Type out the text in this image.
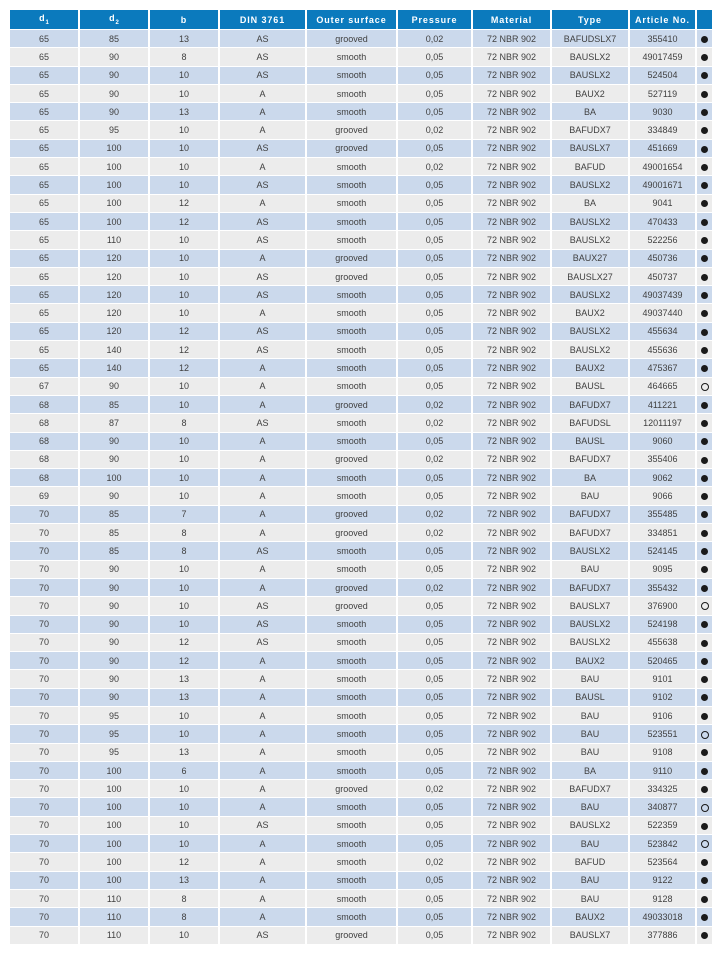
$d_1$	$d_2$	b	DIN 3761	Outer surface	Pressure	Material	Type	Article No.	
65	85	13	AS	grooved	0,02	72 NBR 902	BAFUDSLX7	355410	
65	90	8	AS	smooth	0,05	72 NBR 902	BAUSLX2	49017459	
65	90	10	AS	smooth	0,05	72 NBR 902	BAUSLX2	524504	
65	90	10	A	smooth	0,05	72 NBR 902	BAUX2	527119	
65	90	13	A	smooth	0,05	72 NBR 902	BA	9030	
65	95	10	A	grooved	0,02	72 NBR 902	BAFUDX7	334849	
65	100	10	AS	grooved	0,05	72 NBR 902	BAUSLX7	451669	
65	100	10	A	smooth	0,02	72 NBR 902	BAFUD	49001654	
65	100	10	AS	smooth	0,05	72 NBR 902	BAUSLX2	49001671	
65	100	12	A	smooth	0,05	72 NBR 902	BA	9041	
65	100	12	AS	smooth	0,05	72 NBR 902	BAUSLX2	470433	
65	110	10	AS	smooth	0,05	72 NBR 902	BAUSLX2	522256	
65	120	10	A	grooved	0,05	72 NBR 902	BAUX27	450736	
65	120	10	AS	grooved	0,05	72 NBR 902	BAUSLX27	450737	
65	120	10	AS	smooth	0,05	72 NBR 902	BAUSLX2	49037439	
65	120	10	A	smooth	0,05	72 NBR 902	BAUX2	49037440	
65	120	12	AS	smooth	0,05	72 NBR 902	BAUSLX2	455634	
65	140	12	AS	smooth	0,05	72 NBR 902	BAUSLX2	455636	
65	140	12	A	smooth	0,05	72 NBR 902	BAUX2	475367	
67	90	10	A	smooth	0,05	72 NBR 902	BAUSL	464665	
68	85	10	A	grooved	0,02	72 NBR 902	BAFUDX7	411221	
68	87	8	AS	smooth	0,02	72 NBR 902	BAFUDSL	12011197	
68	90	10	A	smooth	0,05	72 NBR 902	BAUSL	9060	
68	90	10	A	grooved	0,02	72 NBR 902	BAFUDX7	355406	
68	100	10	A	smooth	0,05	72 NBR 902	BA	9062	
69	90	10	A	smooth	0,05	72 NBR 902	BAU	9066	
70	85	7	A	grooved	0,02	72 NBR 902	BAFUDX7	355485	
70	85	8	A	grooved	0,02	72 NBR 902	BAFUDX7	334851	
70	85	8	AS	smooth	0,05	72 NBR 902	BAUSLX2	524145	
70	90	10	A	smooth	0,05	72 NBR 902	BAU	9095	
70	90	10	A	grooved	0,02	72 NBR 902	BAFUDX7	355432	
70	90	10	AS	grooved	0,05	72 NBR 902	BAUSLX7	376900	
70	90	10	AS	smooth	0,05	72 NBR 902	BAUSLX2	524198	
70	90	12	AS	smooth	0,05	72 NBR 902	BAUSLX2	455638	
70	90	12	A	smooth	0,05	72 NBR 902	BAUX2	520465	
70	90	13	A	smooth	0,05	72 NBR 902	BAU	9101	
70	90	13	A	smooth	0,05	72 NBR 902	BAUSL	9102	
70	95	10	A	smooth	0,05	72 NBR 902	BAU	9106	
70	95	10	A	smooth	0,05	72 NBR 902	BAU	523551	
70	95	13	A	smooth	0,05	72 NBR 902	BAU	9108	
70	100	6	A	smooth	0,05	72 NBR 902	BA	9110	
70	100	10	A	grooved	0,02	72 NBR 902	BAFUDX7	334325	
70	100	10	A	smooth	0,05	72 NBR 902	BAU	340877	
70	100	10	AS	smooth	0,05	72 NBR 902	BAUSLX2	522359	
70	100	10	A	smooth	0,05	72 NBR 902	BAU	523842	
70	100	12	A	smooth	0,02	72 NBR 902	BAFUD	523564	
70	100	13	A	smooth	0,05	72 NBR 902	BAU	9122	
70	110	8	A	smooth	0,05	72 NBR 902	BAU	9128	
70	110	8	A	smooth	0,05	72 NBR 902	BAUX2	49033018	
70	110	10	AS	grooved	0,05	72 NBR 902	BAUSLX7	377886	
